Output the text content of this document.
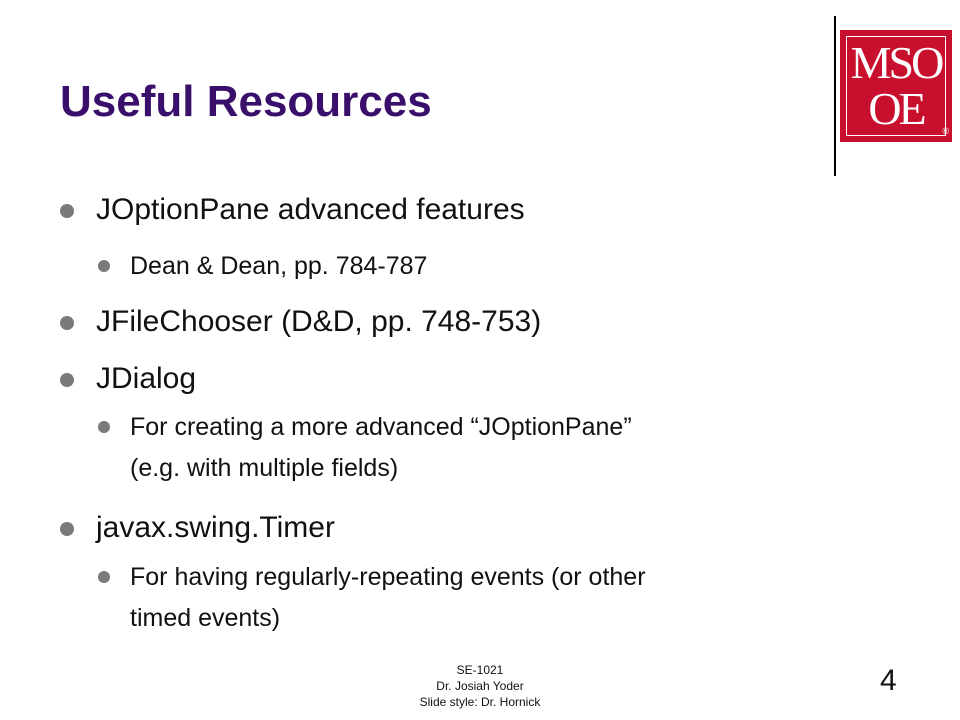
Useful Resources
MSO
OE	®
JOptionPane advanced features
Dean & Dean, pp. 784-787
JFileChooser (D&D, pp. 748-753)
JDialog
For creating a more advanced “JOptionPane”
(e.g. with multiple fields)
javax.swing.Timer
For having regularly-repeating events (or other
timed events)
SE-1021
Dr. Josiah Yoder
Slide style: Dr. Hornick
4
